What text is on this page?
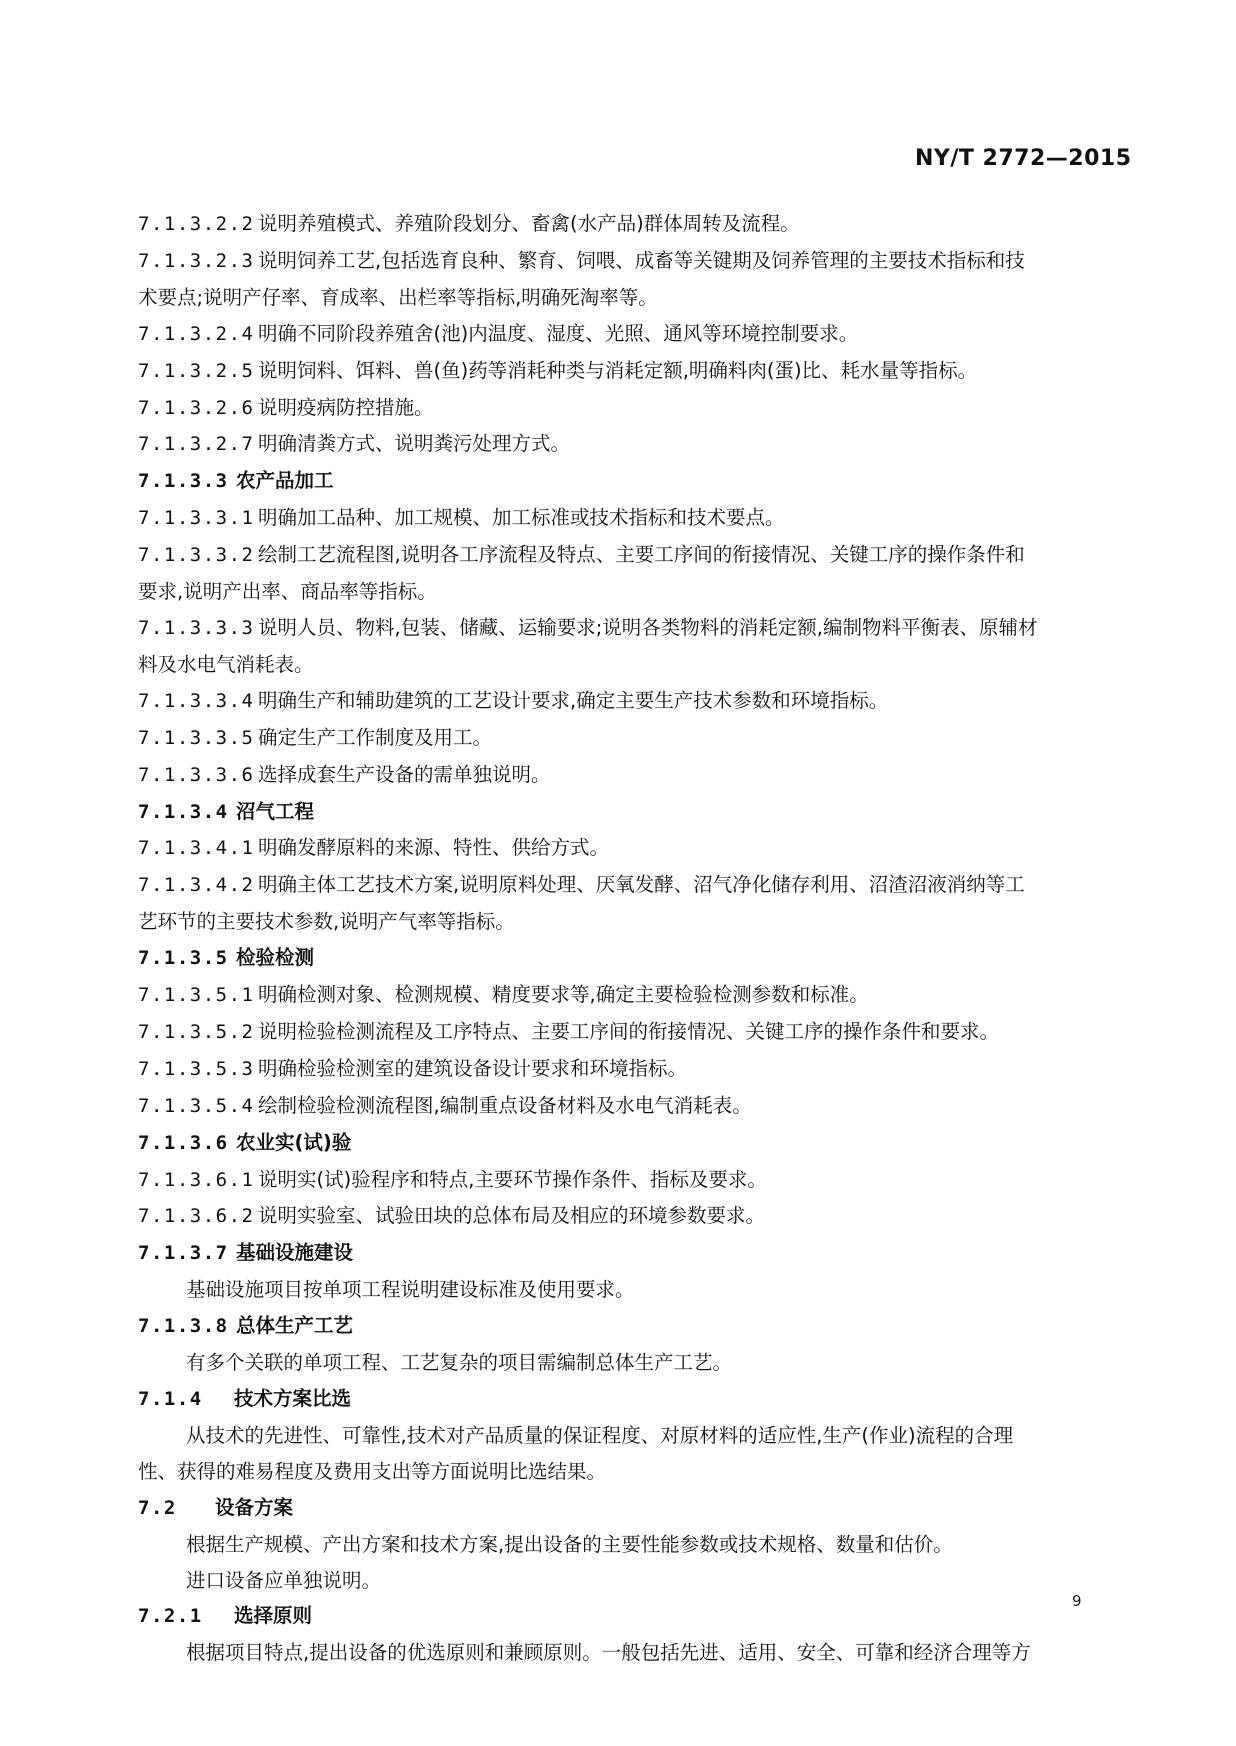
NY/T 2772—2015
7.1.3.2.2 说明养殖模式、养殖阶段划分、畜禽(水产品)群体周转及流程。
7.1.3.2.3 说明饲养工艺,包括选育良种、繁育、饲喂、成畜等关键期及饲养管理的主要技术指标和技
术要点;说明产仔率、育成率、出栏率等指标,明确死淘率等。
7.1.3.2.4 明确不同阶段养殖舍(池)内温度、湿度、光照、通风等环境控制要求。
7.1.3.2.5 说明饲料、饵料、兽(鱼)药等消耗种类与消耗定额,明确料肉(蛋)比、耗水量等指标。
7.1.3.2.6 说明疫病防控措施。
7.1.3.2.7 明确清粪方式、说明粪污处理方式。
7.1.3.3 农产品加工
7.1.3.3.1 明确加工品种、加工规模、加工标准或技术指标和技术要点。
7.1.3.3.2 绘制工艺流程图,说明各工序流程及特点、主要工序间的衔接情况、关键工序的操作条件和
要求,说明产出率、商品率等指标。
7.1.3.3.3 说明人员、物料,包装、储藏、运输要求;说明各类物料的消耗定额,编制物料平衡表、原辅材
料及水电气消耗表。
7.1.3.3.4 明确生产和辅助建筑的工艺设计要求,确定主要生产技术参数和环境指标。
7.1.3.3.5 确定生产工作制度及用工。
7.1.3.3.6 选择成套生产设备的需单独说明。
7.1.3.4 沼气工程
7.1.3.4.1 明确发酵原料的来源、特性、供给方式。
7.1.3.4.2 明确主体工艺技术方案,说明原料处理、厌氧发酵、沼气净化储存利用、沼渣沼液消纳等工
艺环节的主要技术参数,说明产气率等指标。
7.1.3.5 检验检测
7.1.3.5.1 明确检测对象、检测规模、精度要求等,确定主要检验检测参数和标准。
7.1.3.5.2 说明检验检测流程及工序特点、主要工序间的衔接情况、关键工序的操作条件和要求。
7.1.3.5.3 明确检验检测室的建筑设备设计要求和环境指标。
7.1.3.5.4 绘制检验检测流程图,编制重点设备材料及水电气消耗表。
7.1.3.6 农业实(试)验
7.1.3.6.1 说明实(试)验程序和特点,主要环节操作条件、指标及要求。
7.1.3.6.2 说明实验室、试验田块的总体布局及相应的环境参数要求。
7.1.3.7 基础设施建设
基础设施项目按单项工程说明建设标准及使用要求。
7.1.3.8 总体生产工艺
有多个关联的单项工程、工艺复杂的项目需编制总体生产工艺。
7.1.4 技术方案比选
从技术的先进性、可靠性,技术对产品质量的保证程度、对原材料的适应性,生产(作业)流程的合理
性、获得的难易程度及费用支出等方面说明比选结果。
7.2 设备方案
根据生产规模、产出方案和技术方案,提出设备的主要性能参数或技术规格、数量和估价。
进口设备应单独说明。
7.2.1 选择原则
根据项目特点,提出设备的优选原则和兼顾原则。一般包括先进、适用、安全、可靠和经济合理等方
9
